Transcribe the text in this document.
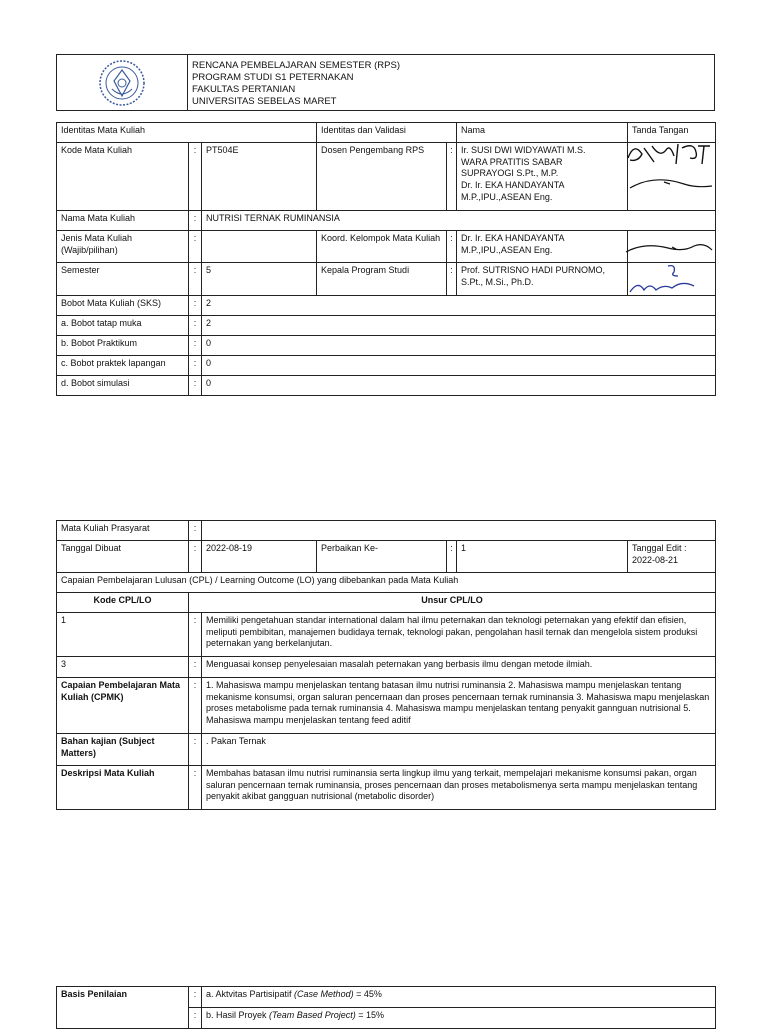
RENCANA PEMBELAJARAN SEMESTER (RPS)
PROGRAM STUDI S1 PETERNAKAN
FAKULTAS PERTANIAN
UNIVERSITAS SEBELAS MARET
Identitas Mata Kuliah			Identitas dan Validasi		Nama	Tanda Tangan
Kode Mata Kuliah	:	PT504E	Dosen Pengembang RPS	:	Ir. SUSI DWI WIDYAWATI M.S.
WARA PRATITIS SABAR
SUPRAYOGI S.Pt., M.P.
Dr. Ir. EKA HANDAYANTA
M.P.,IPU.,ASEAN Eng.	

Nama Mata Kuliah	:	NUTRISI TERNAK RUMINANSIA				
Jenis Mata Kuliah (Wajib/pilihan)	:		Koord. Kelompok Mata Kuliah	:	Dr. Ir. EKA HANDAYANTA M.P.,IPU.,ASEAN Eng.	
Semester	:	5	Kepala Program Studi	:	Prof. SUTRISNO HADI PURNOMO, S.Pt., M.Si., Ph.D.	
Bobot Mata Kuliah (SKS)	:	2				
a. Bobot tatap muka	:	2				
b. Bobot Praktikum	:	0				
c. Bobot praktek lapangan	:	0				
d. Bobot simulasi	:	0				
Mata Kuliah Prasyarat	:					
Tanggal Dibuat	:	2022-08-19	Perbaikan Ke-	:	1	Tanggal Edit : 2022-08-21
Capaian Pembelajaran Lulusan (CPL) / Learning Outcome (LO) yang dibebankan pada Mata Kuliah						
Kode CPL/LO	Unsur CPL/LO					
1	:	Memiliki pengetahuan standar international dalam hal ilmu peternakan dan teknologi peternakan yang efektif dan efisien, meliputi pembibitan, manajemen budidaya ternak, teknologi pakan, pengolahan hasil ternak dan mengelola sistem produksi peternakan yang berkelanjutan.				
3	:	Menguasai konsep penyelesaian masalah peternakan yang berbasis ilmu dengan metode ilmiah.				
Capaian Pembelajaran Mata Kuliah (CPMK)	:	1. Mahasiswa mampu menjelaskan tentang batasan ilmu nutrisi ruminansia 2. Mahasiswa mampu menjelaskan tentang mekanisme konsumsi, organ saluran pencernaan dan proses pencernaan ternak ruminansia 3. Mahasiswa mapu menjelaskan proses metabolisme pada ternak ruminansia 4. Mahasiswa mampu menjelaskan tentang penyakit gannguan nutrisional 5. Mahasiswa mampu menjelaskan tentang feed aditif				
Bahan kajian (Subject Matters)	:	. Pakan Ternak				
Deskripsi Mata Kuliah	:	Membahas batasan ilmu nutrisi ruminansia serta lingkup ilmu yang terkait, mempelajari mekanisme konsumsi pakan, organ saluran pencernaan ternak ruminansia, proses pencernaan dan proses metabolismenya serta mampu menjelaskan tentang penyakit akibat gangguan nutrisional (metabolic disorder)				
Basis Penilaian	:	a. Aktvitas Partisipatif (Case Method) = 45%
	:	b. Hasil Proyek (Team Based Project) = 15%
